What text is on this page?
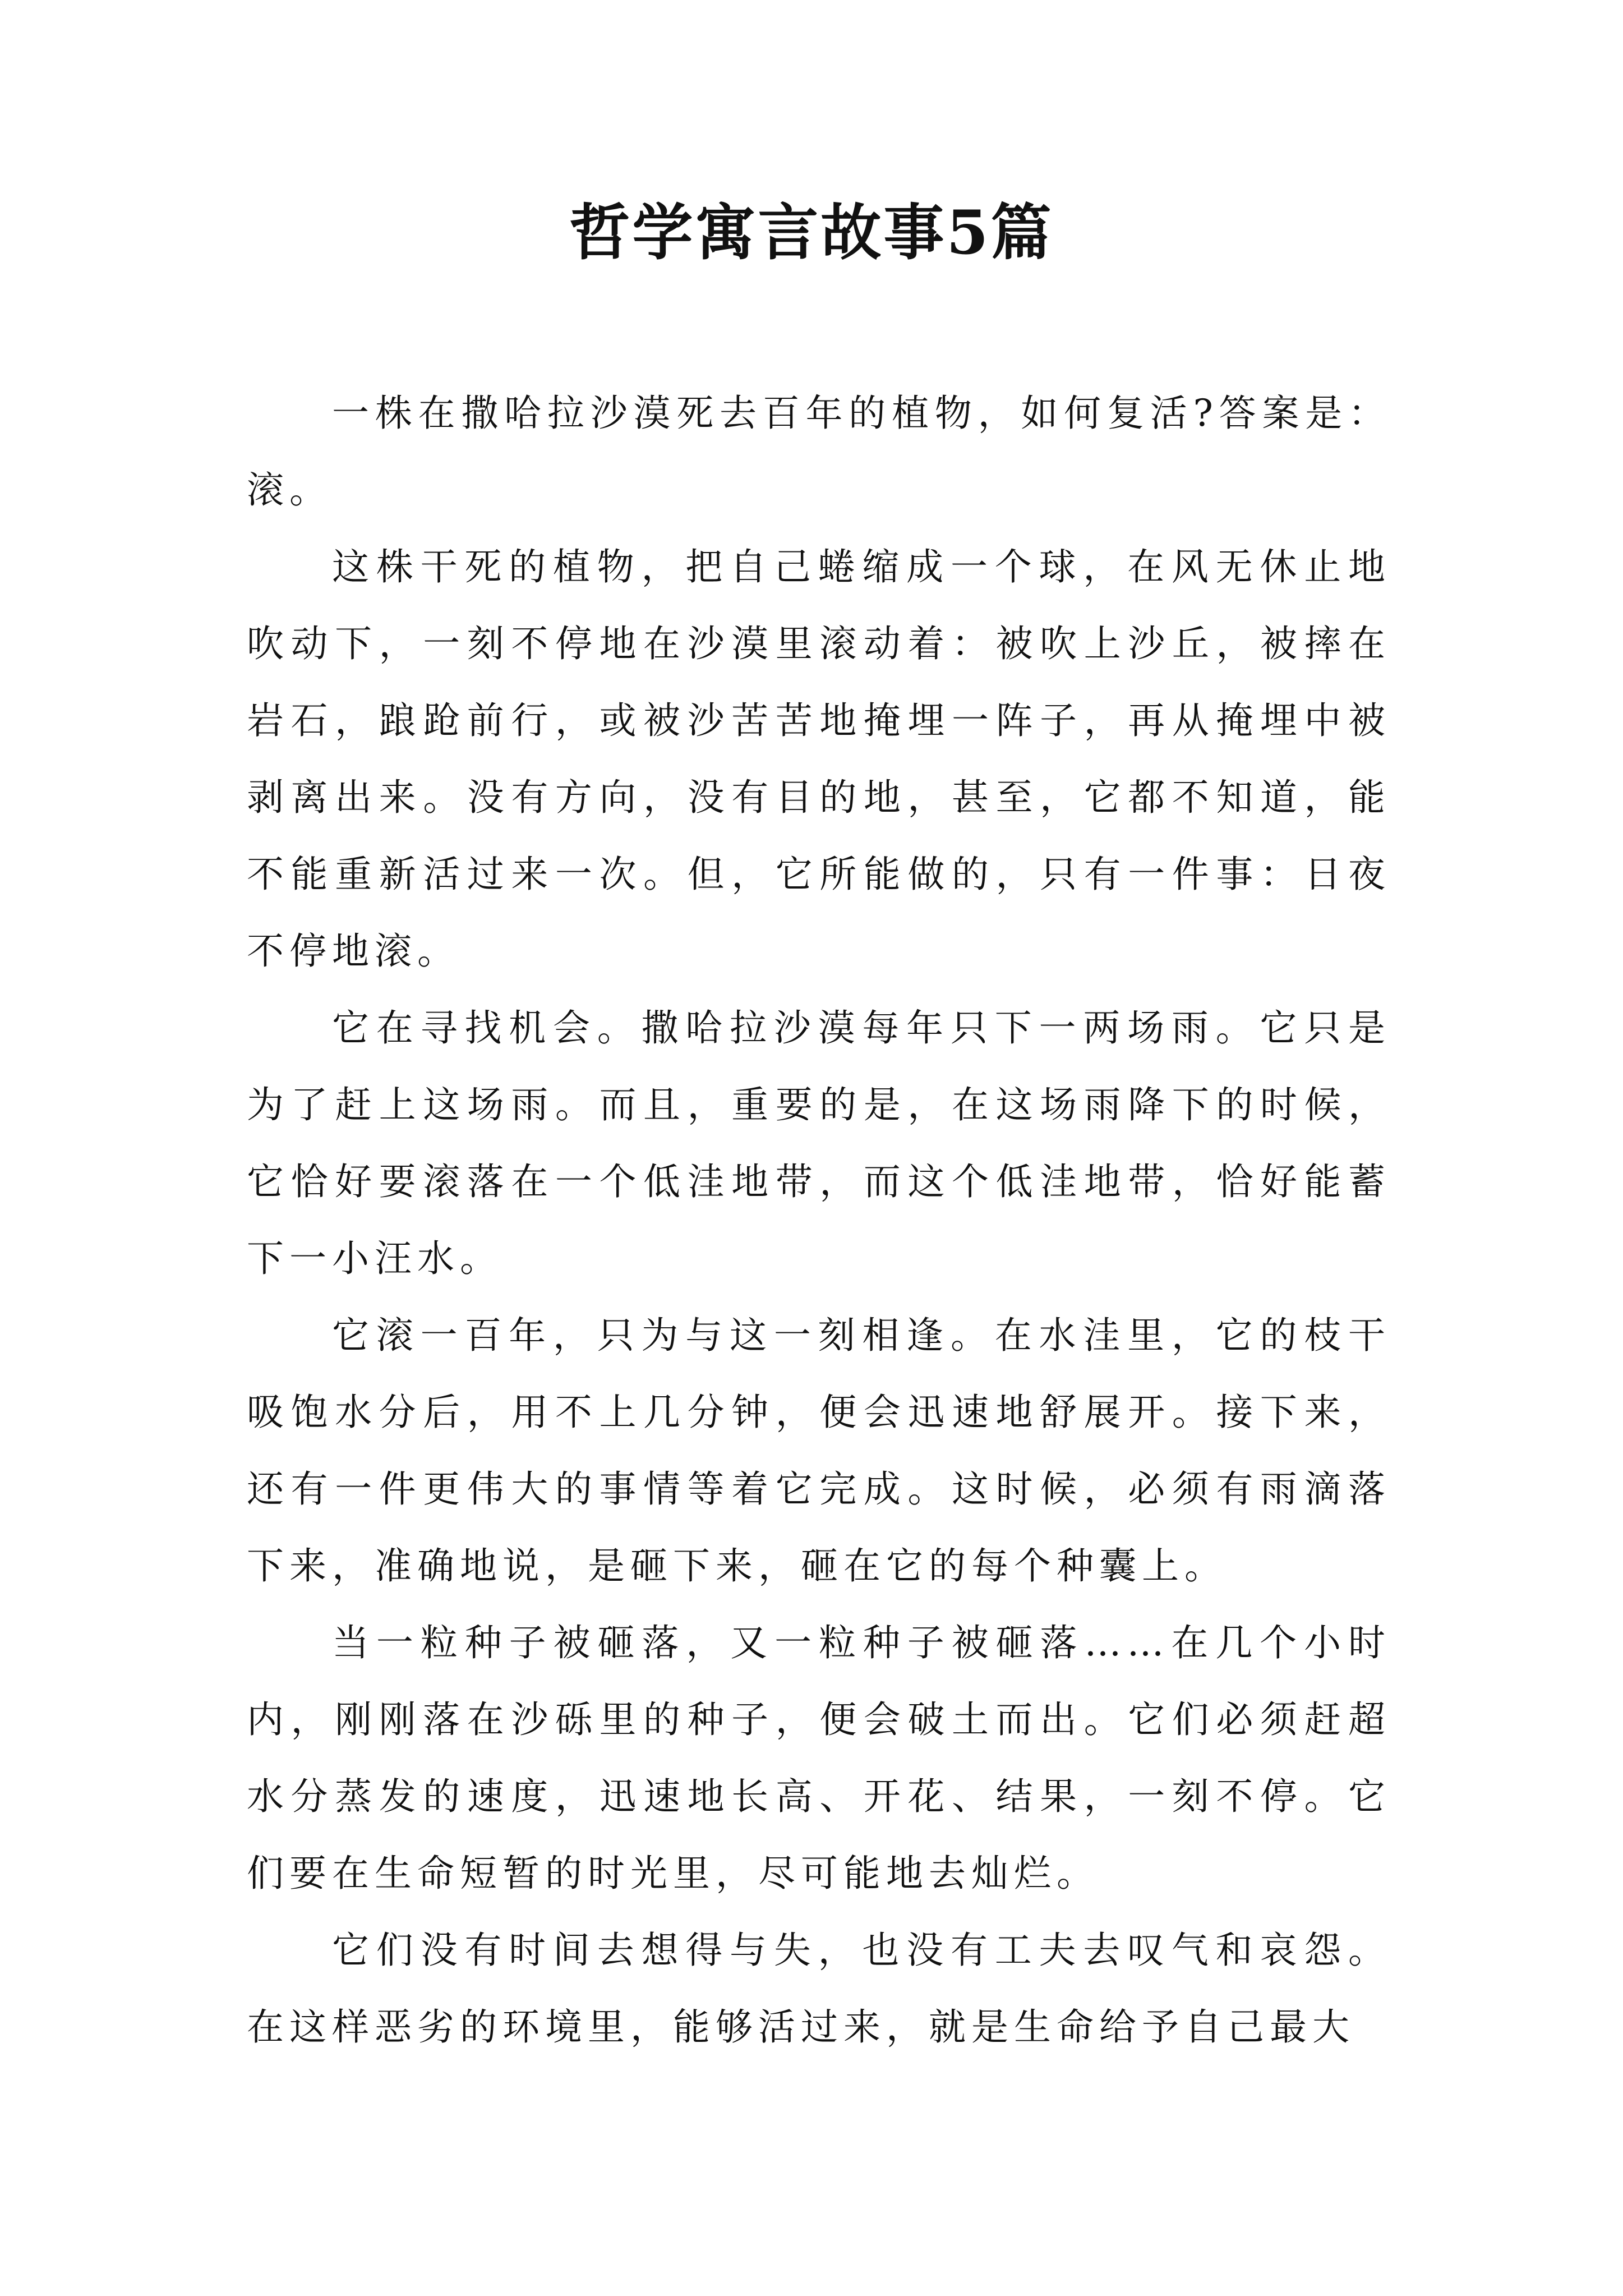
哲学寓言故事5篇

一株在撒哈拉沙漠死去百年的植物，如何复活?答案是：滚。

这株干死的植物，把自己蜷缩成一个球，在风无休止地吹动下，一刻不停地在沙漠里滚动着：被吹上沙丘，被摔在岩石，踉跄前行，或被沙苦苦地掩埋一阵子，再从掩埋中被剥离出来。没有方向，没有目的地，甚至，它都不知道，能不能重新活过来一次。但，它所能做的，只有一件事：日夜不停地滚。

它在寻找机会。撒哈拉沙漠每年只下一两场雨。它只是为了赶上这场雨。而且，重要的是，在这场雨降下的时候，它恰好要滚落在一个低洼地带，而这个低洼地带，恰好能蓄下一小汪水。

它滚一百年，只为与这一刻相逢。在水洼里，它的枝干吸饱水分后，用不上几分钟，便会迅速地舒展开。接下来，还有一件更伟大的事情等着它完成。这时候，必须有雨滴落下来，准确地说，是砸下来，砸在它的每个种囊上。

当一粒种子被砸落，又一粒种子被砸落……在几个小时内，刚刚落在沙砾里的种子，便会破土而出。它们必须赶超水分蒸发的速度，迅速地长高、开花、结果，一刻不停。它们要在生命短暂的时光里，尽可能地去灿烂。

它们没有时间去想得与失，也没有工夫去叹气和哀怨。在这样恶劣的环境里，能够活过来，就是生命给予自己最大
